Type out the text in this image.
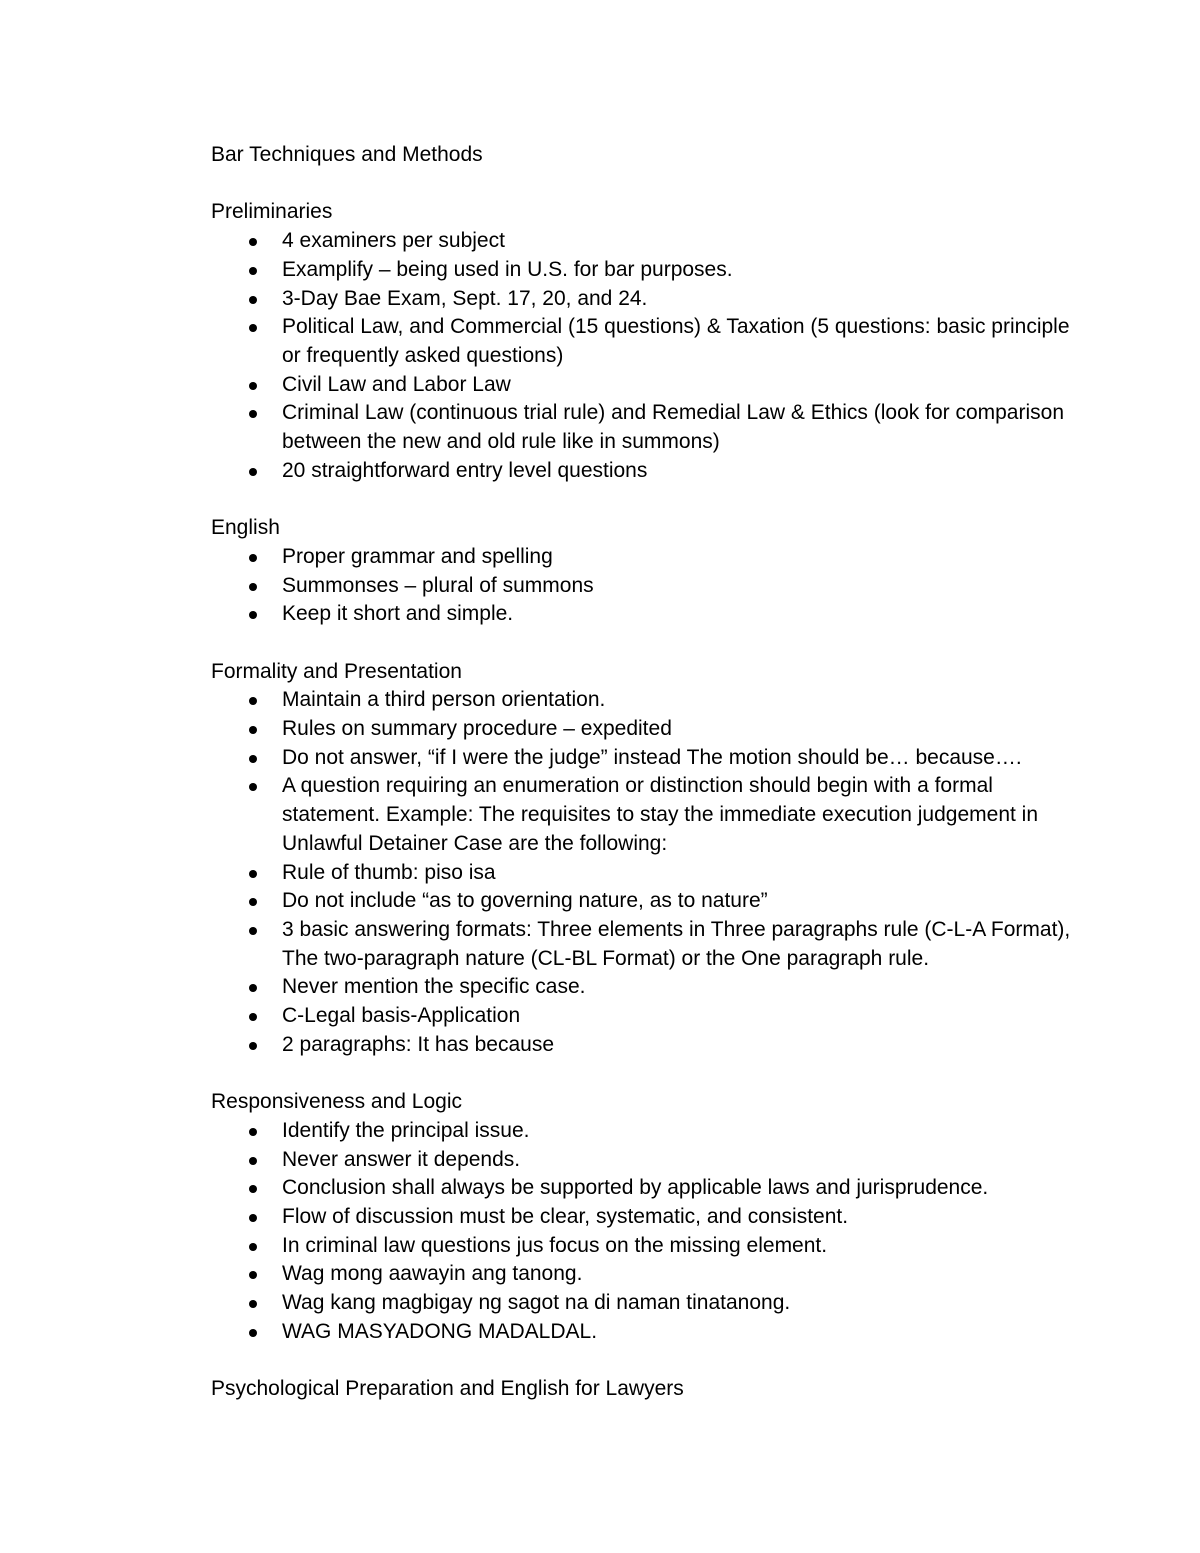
Bar Techniques and Methods
Preliminaries
4 examiners per subject
Examplify – being used in U.S. for bar purposes.
3-Day Bae Exam, Sept. 17, 20, and 24.
Political Law, and Commercial (15 questions) & Taxation (5 questions: basic principle or frequently asked questions)
Civil Law and Labor Law
Criminal Law (continuous trial rule) and Remedial Law & Ethics (look for comparison between the new and old rule like in summons)
20 straightforward entry level questions
English
Proper grammar and spelling
Summonses – plural of summons
Keep it short and simple.
Formality and Presentation
Maintain a third person orientation.
Rules on summary procedure – expedited
Do not answer, “if I were the judge” instead The motion should be… because….
A question requiring an enumeration or distinction should begin with a formal statement. Example: The requisites to stay the immediate execution judgement in Unlawful Detainer Case are the following:
Rule of thumb: piso isa
Do not include “as to governing nature, as to nature”
3 basic answering formats: Three elements in Three paragraphs rule (C-L-A Format), The two-paragraph nature (CL-BL Format) or the One paragraph rule.
Never mention the specific case.
C-Legal basis-Application
2 paragraphs: It has because
Responsiveness and Logic
Identify the principal issue.
Never answer it depends.
Conclusion shall always be supported by applicable laws and jurisprudence.
Flow of discussion must be clear, systematic, and consistent.
In criminal law questions jus focus on the missing element.
Wag mong aawayin ang tanong.
Wag kang magbigay ng sagot na di naman tinatanong.
WAG MASYADONG MADALDAL.
Psychological Preparation and English for Lawyers
